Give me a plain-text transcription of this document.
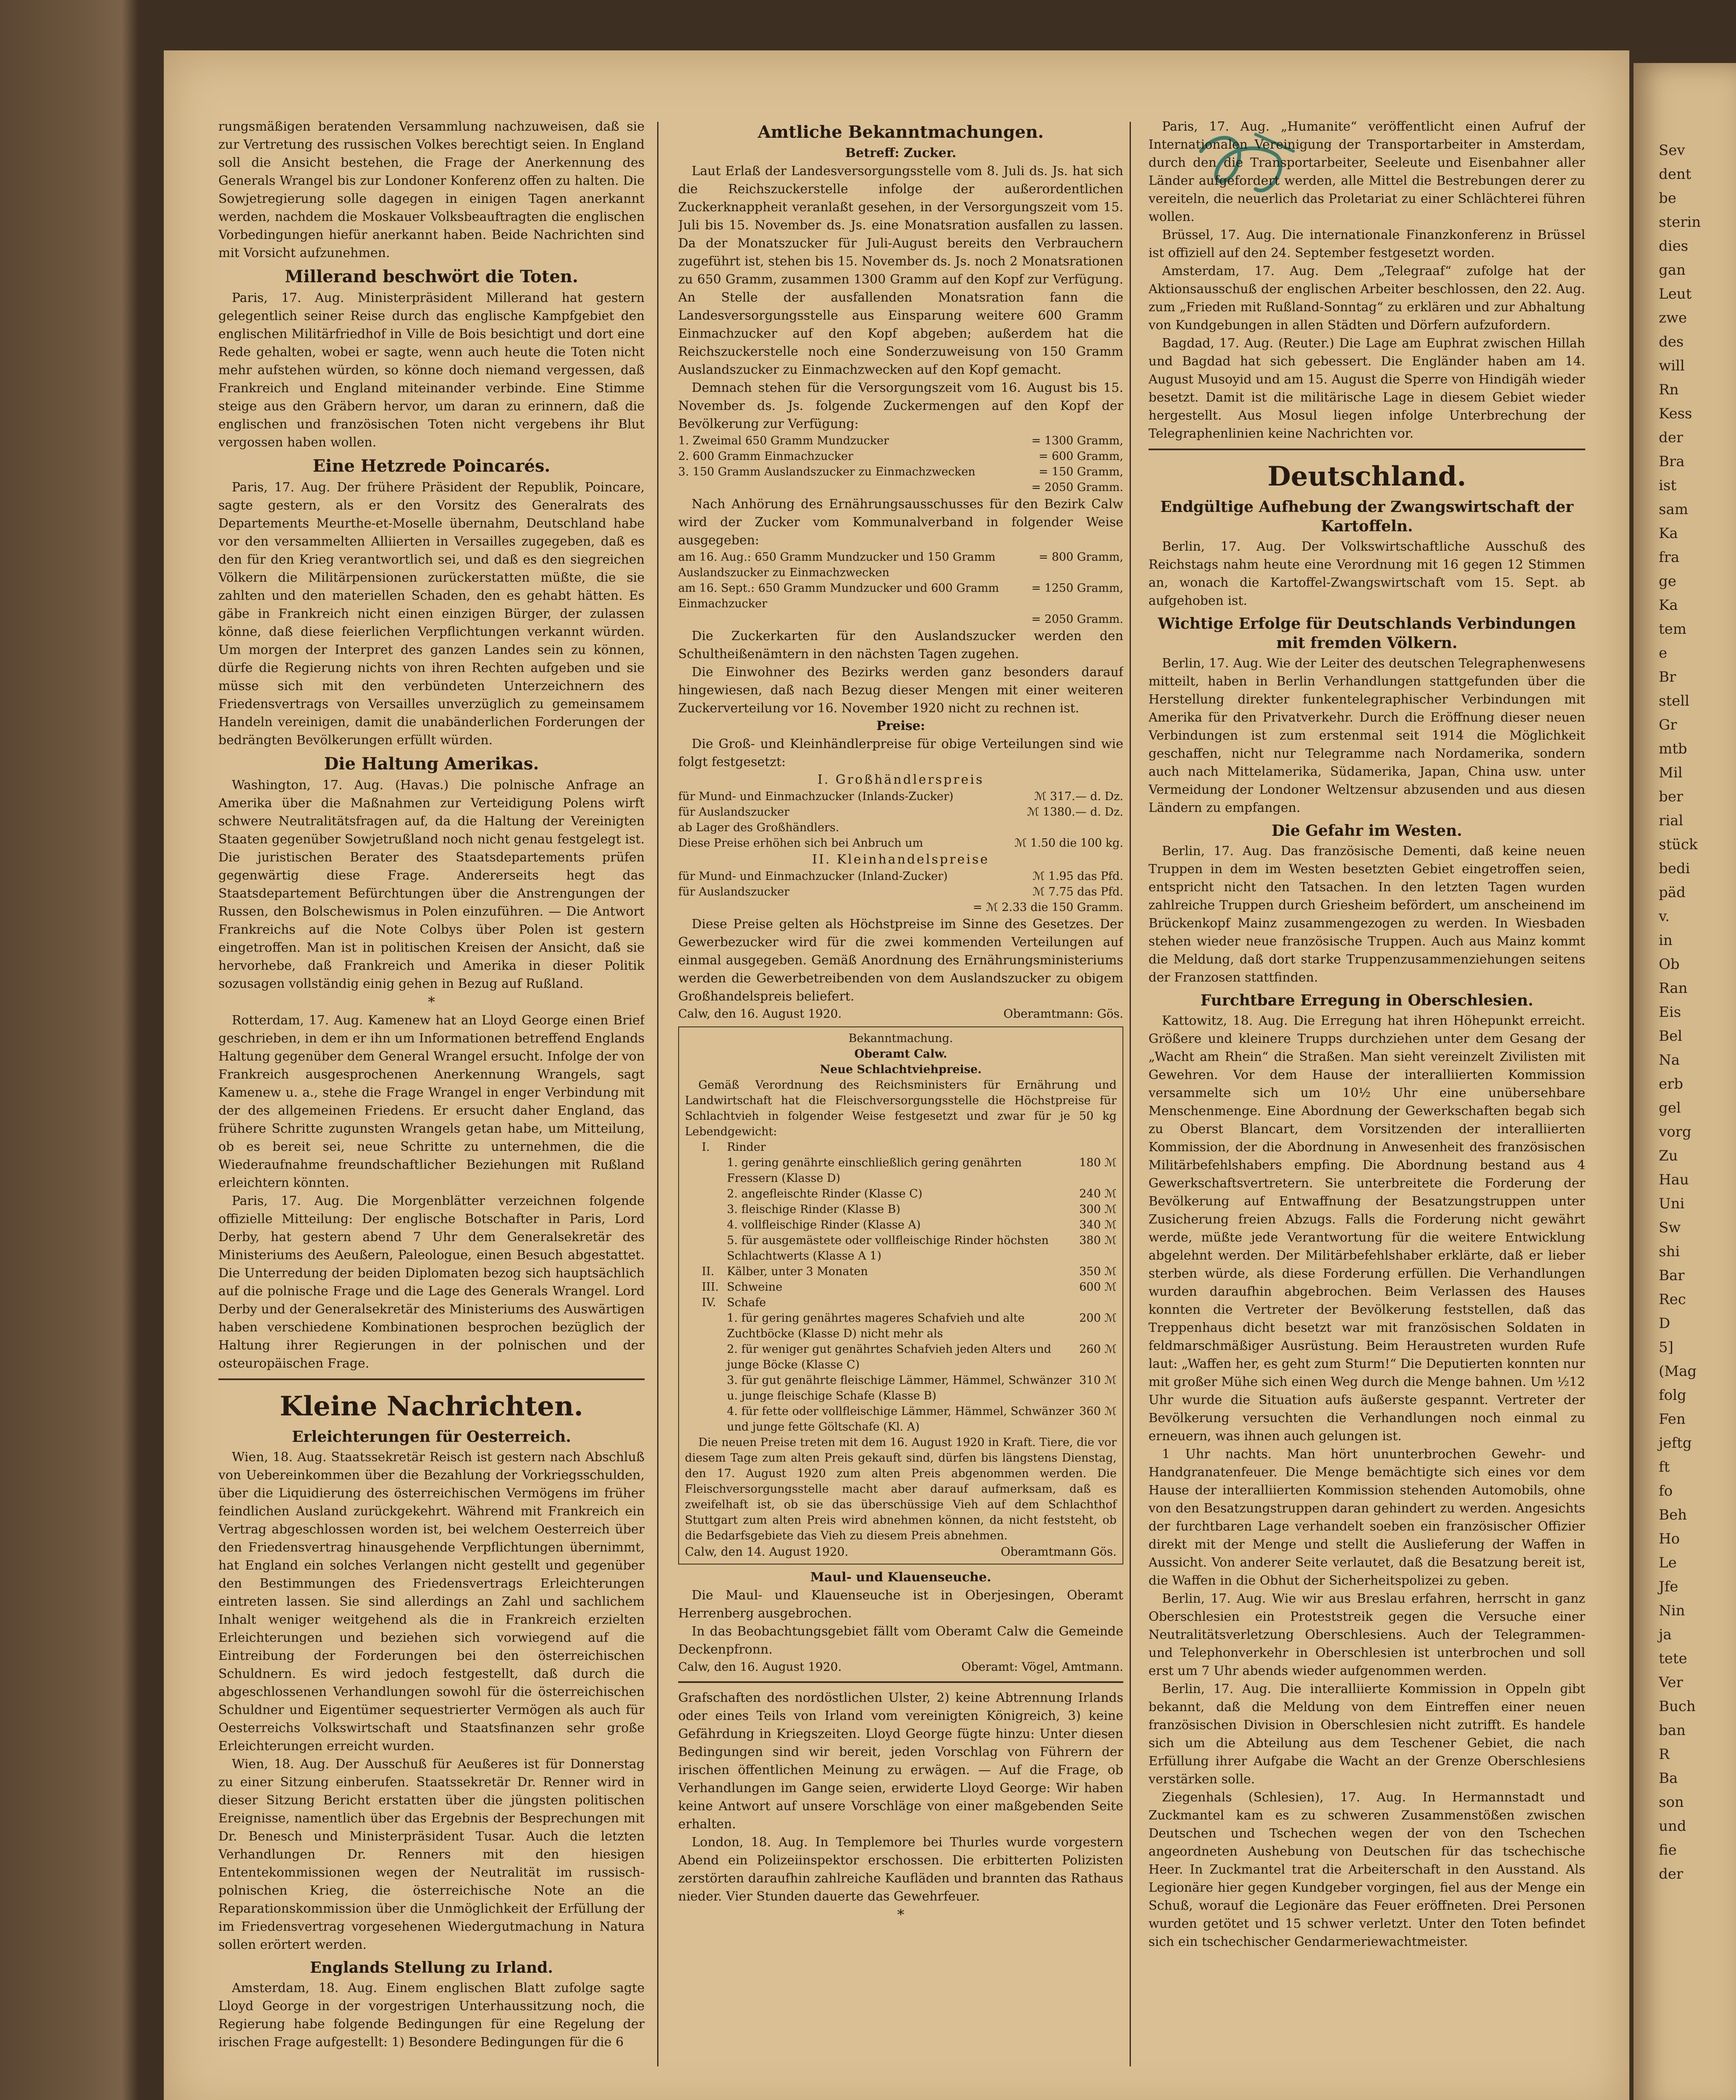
rungsmäßigen beratenden Versammlung nachzuweisen, daß sie zur Vertretung des russischen Volkes berechtigt seien. In England soll die Ansicht bestehen, die Frage der Anerkennung des Generals Wrangel bis zur Londoner Konferenz offen zu halten. Die Sowjetregierung solle dagegen in einigen Tagen anerkannt werden, nachdem die Moskauer Volksbeauftragten die englischen Vorbedingungen hiefür anerkannt haben. Beide Nachrichten sind mit Vorsicht aufzunehmen.

Millerand beschwört die Toten.

Paris, 17. Aug. Ministerpräsident Millerand hat gestern gelegentlich seiner Reise durch das englische Kampfgebiet den englischen Militärfriedhof in Ville de Bois besichtigt und dort eine Rede gehalten, wobei er sagte, wenn auch heute die Toten nicht mehr aufstehen würden, so könne doch niemand vergessen, daß Frankreich und England miteinander verbinde. Eine Stimme steige aus den Gräbern hervor, um daran zu erinnern, daß die englischen und französischen Toten nicht vergebens ihr Blut vergossen haben wollen.

Eine Hetzrede Poincarés.

Paris, 17. Aug. Der frühere Präsident der Republik, Poincare, sagte gestern, als er den Vorsitz des Generalrats des Departements Meurthe-et-Moselle übernahm, Deutschland habe vor den versammelten Alliierten in Versailles zugegeben, daß es den für den Krieg verantwortlich sei, und daß es den siegreichen Völkern die Militärpensionen zurückerstatten müßte, die sie zahlten und den materiellen Schaden, den es gehabt hätten. Es gäbe in Frankreich nicht einen einzigen Bürger, der zulassen könne, daß diese feierlichen Verpflichtungen verkannt würden. Um morgen der Interpret des ganzen Landes sein zu können, dürfe die Regierung nichts von ihren Rechten aufgeben und sie müsse sich mit den verbündeten Unterzeichnern des Friedensvertrags von Versailles unverzüglich zu gemeinsamem Handeln vereinigen, damit die unabänderlichen Forderungen der bedrängten Bevölkerungen erfüllt würden.

Die Haltung Amerikas.

Washington, 17. Aug. (Havas.) Die polnische Anfrage an Amerika über die Maßnahmen zur Verteidigung Polens wirft schwere Neutralitätsfragen auf, da die Haltung der Vereinigten Staaten gegenüber Sowjetrußland noch nicht genau festgelegt ist. Die juristischen Berater des Staatsdepartements prüfen gegenwärtig diese Frage. Andererseits hegt das Staatsdepartement Befürchtungen über die Anstrengungen der Russen, den Bolschewismus in Polen einzuführen. — Die Antwort Frankreichs auf die Note Colbys über Polen ist gestern eingetroffen. Man ist in politischen Kreisen der Ansicht, daß sie hervorhebe, daß Frankreich und Amerika in dieser Politik sozusagen vollständig einig gehen in Bezug auf Rußland.

*

Rotterdam, 17. Aug. Kamenew hat an Lloyd George einen Brief geschrieben, in dem er ihn um Informationen betreffend Englands Haltung gegenüber dem General Wrangel ersucht. Infolge der von Frankreich ausgesprochenen Anerkennung Wrangels, sagt Kamenew u. a., stehe die Frage Wrangel in enger Verbindung mit der des allgemeinen Friedens. Er ersucht daher England, das frühere Schritte zugunsten Wrangels getan habe, um Mitteilung, ob es bereit sei, neue Schritte zu unternehmen, die die Wiederaufnahme freundschaftlicher Beziehungen mit Rußland erleichtern könnten.

Paris, 17. Aug. Die Morgenblätter verzeichnen folgende offizielle Mitteilung: Der englische Botschafter in Paris, Lord Derby, hat gestern abend 7 Uhr dem Generalsekretär des Ministeriums des Aeußern, Paleologue, einen Besuch abgestattet. Die Unterredung der beiden Diplomaten bezog sich hauptsächlich auf die polnische Frage und die Lage des Generals Wrangel. Lord Derby und der Generalsekretär des Ministeriums des Auswärtigen haben verschiedene Kombinationen besprochen bezüglich der Haltung ihrer Regierungen in der polnischen und der osteuropäischen Frage.

Kleine Nachrichten.
Erleichterungen für Oesterreich.

Wien, 18. Aug. Staatssekretär Reisch ist gestern nach Abschluß von Uebereinkommen über die Bezahlung der Vorkriegsschulden, über die Liquidierung des österreichischen Vermögens im früher feindlichen Ausland zurückgekehrt. Während mit Frankreich ein Vertrag abgeschlossen worden ist, bei welchem Oesterreich über den Friedensvertrag hinausgehende Verpflichtungen übernimmt, hat England ein solches Verlangen nicht gestellt und gegenüber den Bestimmungen des Friedensvertrags Erleichterungen eintreten lassen. Sie sind allerdings an Zahl und sachlichem Inhalt weniger weitgehend als die in Frankreich erzielten Erleichterungen und beziehen sich vorwiegend auf die Eintreibung der Forderungen bei den österreichischen Schuldnern. Es wird jedoch festgestellt, daß durch die abgeschlossenen Verhandlungen sowohl für die österreichischen Schuldner und Eigentümer sequestrierter Vermögen als auch für Oesterreichs Volkswirtschaft und Staatsfinanzen sehr große Erleichterungen erreicht wurden.

Wien, 18. Aug. Der Ausschuß für Aeußeres ist für Donnerstag zu einer Sitzung einberufen. Staatssekretär Dr. Renner wird in dieser Sitzung Bericht erstatten über die jüngsten politischen Ereignisse, namentlich über das Ergebnis der Besprechungen mit Dr. Benesch und Ministerpräsident Tusar. Auch die letzten Verhandlungen Dr. Renners mit den hiesigen Ententekommissionen wegen der Neutralität im russisch-polnischen Krieg, die österreichische Note an die Reparationskommission über die Unmöglichkeit der Erfüllung der im Friedensvertrag vorgesehenen Wiedergutmachung in Natura sollen erörtert werden.

Englands Stellung zu Irland.

Amsterdam, 18. Aug. Einem englischen Blatt zufolge sagte Lloyd George in der vorgestrigen Unterhaussitzung noch, die Regierung habe folgende Bedingungen für eine Regelung der irischen Frage aufgestellt: 1) Besondere Bedingungen für die 6

Amtliche Bekanntmachungen.
Betreff: Zucker.

Laut Erlaß der Landesversorgungsstelle vom 8. Juli ds. Js. hat sich die Reichszuckerstelle infolge der außerordentlichen Zuckerknappheit veranlaßt gesehen, in der Versorgungszeit vom 15. Juli bis 15. November ds. Js. eine Monatsration ausfallen zu lassen. Da der Monatszucker für Juli-August bereits den Verbrauchern zugeführt ist, stehen bis 15. November ds. Js. noch 2 Monatsrationen zu 650 Gramm, zusammen 1300 Gramm auf den Kopf zur Verfügung. An Stelle der ausfallenden Monatsration fann die Landesversorgungsstelle aus Einsparung weitere 600 Gramm Einmachzucker auf den Kopf abgeben; außerdem hat die Reichszuckerstelle noch eine Sonderzuweisung von 150 Gramm Auslandszucker zu Einmachzwecken auf den Kopf gemacht.

Demnach stehen für die Versorgungszeit vom 16. August bis 15. November ds. Js. folgende Zuckermengen auf den Kopf der Bevölkerung zur Verfügung:

1. Zweimal 650 Gramm Mundzucker	= 1300 Gramm,
2. 600 Gramm Einmachzucker	= 600 Gramm,
3. 150 Gramm Auslandszucker zu Einmachzwecken	= 150 Gramm,
	= 2050 Gramm.

Nach Anhörung des Ernährungsausschusses für den Bezirk Calw wird der Zucker vom Kommunalverband in folgender Weise ausgegeben:

am 16. Aug.: 650 Gramm Mundzucker und 150 Gramm Auslandszucker zu Einmachzwecken	= 800 Gramm,
am 16. Sept.: 650 Gramm Mundzucker und 600 Gramm Einmachzucker	= 1250 Gramm,
	= 2050 Gramm.

Die Zuckerkarten für den Auslandszucker werden den Schultheißenämtern in den nächsten Tagen zugehen.

Die Einwohner des Bezirks werden ganz besonders darauf hingewiesen, daß nach Bezug dieser Mengen mit einer weiteren Zuckerverteilung vor 16. November 1920 nicht zu rechnen ist.

Preise:

Die Groß- und Kleinhändlerpreise für obige Verteilungen sind wie folgt festgesetzt:

I. Großhändlerspreis
für Mund- und Einmachzucker (Inlands-Zucker)	ℳ 317.— d. Dz.
für Auslandszucker	ℳ 1380.— d. Dz.
ab Lager des Großhändlers.	
Diese Preise erhöhen sich bei Anbruch um	ℳ 1.50 die 100 kg.
II. Kleinhandelspreise
für Mund- und Einmachzucker (Inland-Zucker)	ℳ 1.95 das Pfd.
für Auslandszucker	ℳ 7.75 das Pfd.
	= ℳ 2.33 die 150 Gramm.

Diese Preise gelten als Höchstpreise im Sinne des Gesetzes. Der Gewerbezucker wird für die zwei kommenden Verteilungen auf einmal ausgegeben. Gemäß Anordnung des Ernährungsministeriums werden die Gewerbetreibenden von dem Auslandszucker zu obigem Großhandelspreis beliefert.

Calw, den 16. August 1920.	Oberamtmann: Gös.
Bekanntmachung.
Oberamt Calw.
Neue Schlachtviehpreise.

Gemäß Verordnung des Reichsministers für Ernährung und Landwirtschaft hat die Fleischversorgungsstelle die Höchstpreise für Schlachtvieh in folgender Weise festgesetzt und zwar für je 50 kg Lebendgewicht:

I.	Rinder	
	1. gering genährte einschließlich gering genährten Fressern (Klasse D)	180 ℳ
	2. angefleischte Rinder (Klasse C)	240 ℳ
	3. fleischige Rinder (Klasse B)	300 ℳ
	4. vollfleischige Rinder (Klasse A)	340 ℳ
	5. für ausgemästete oder vollfleischige Rinder höchsten Schlachtwerts (Klasse A 1)	380 ℳ
II.	Kälber, unter 3 Monaten	350 ℳ
III.	Schweine	600 ℳ
IV.	Schafe	
	1. für gering genährtes mageres Schafvieh und alte Zuchtböcke (Klasse D) nicht mehr als	200 ℳ
	2. für weniger gut genährtes Schafvieh jeden Alters und junge Böcke (Klasse C)	260 ℳ
	3. für gut genährte fleischige Lämmer, Hämmel, Schwänzer u. junge fleischige Schafe (Klasse B)	310 ℳ
	4. für fette oder vollfleischige Lämmer, Hämmel, Schwänzer und junge fette Göltschafe (Kl. A)	360 ℳ

Die neuen Preise treten mit dem 16. August 1920 in Kraft. Tiere, die vor diesem Tage zum alten Preis gekauft sind, dürfen bis längstens Dienstag, den 17. August 1920 zum alten Preis abgenommen werden. Die Fleischversorgungsstelle macht aber darauf aufmerksam, daß es zweifelhaft ist, ob sie das überschüssige Vieh auf dem Schlachthof Stuttgart zum alten Preis wird abnehmen können, da nicht feststeht, ob die Bedarfsgebiete das Vieh zu diesem Preis abnehmen.

Calw, den 14. August 1920.	Oberamtmann Gös.
Maul- und Klauenseuche.

Die Maul- und Klauenseuche ist in Oberjesingen, Oberamt Herrenberg ausgebrochen.

In das Beobachtungsgebiet fällt vom Oberamt Calw die Gemeinde Deckenpfronn.

Calw, den 16. August 1920.	Oberamt: Vögel, Amtmann.

Grafschaften des nordöstlichen Ulster, 2) keine Abtrennung Irlands oder eines Teils von Irland vom vereinigten Königreich, 3) keine Gefährdung in Kriegszeiten. Lloyd George fügte hinzu: Unter diesen Bedingungen sind wir bereit, jeden Vorschlag von Führern der irischen öffentlichen Meinung zu erwägen. — Auf die Frage, ob Verhandlungen im Gange seien, erwiderte Lloyd George: Wir haben keine Antwort auf unsere Vorschläge von einer maßgebenden Seite erhalten.

London, 18. Aug. In Templemore bei Thurles wurde vorgestern Abend ein Polizeiinspektor erschossen. Die erbitterten Polizisten zerstörten daraufhin zahlreiche Kaufläden und brannten das Rathaus nieder. Vier Stunden dauerte das Gewehrfeuer.

*

Paris, 17. Aug. „Humanite“ veröffentlicht einen Aufruf der Internationalen Vereinigung der Transportarbeiter in Amsterdam, durch den die Transportarbeiter, Seeleute und Eisenbahner aller Länder aufgefordert werden, alle Mittel die Bestrebungen derer zu vereiteln, die neuerlich das Proletariat zu einer Schlächterei führen wollen.

Brüssel, 17. Aug. Die internationale Finanzkonferenz in Brüssel ist offiziell auf den 24. September festgesetzt worden.

Amsterdam, 17. Aug. Dem „Telegraaf“ zufolge hat der Aktionsausschuß der englischen Arbeiter beschlossen, den 22. Aug. zum „Frieden mit Rußland-Sonntag“ zu erklären und zur Abhaltung von Kundgebungen in allen Städten und Dörfern aufzufordern.

Bagdad, 17. Aug. (Reuter.) Die Lage am Euphrat zwischen Hillah und Bagdad hat sich gebessert. Die Engländer haben am 14. August Musoyid und am 15. August die Sperre von Hindigäh wieder besetzt. Damit ist die militärische Lage in diesem Gebiet wieder hergestellt. Aus Mosul liegen infolge Unterbrechung der Telegraphenlinien keine Nachrichten vor.

Deutschland.
Endgültige Aufhebung der Zwangswirtschaft der Kartoffeln.

Berlin, 17. Aug. Der Volkswirtschaftliche Ausschuß des Reichstags nahm heute eine Verordnung mit 16 gegen 12 Stimmen an, wonach die Kartoffel-Zwangswirtschaft vom 15. Sept. ab aufgehoben ist.

Wichtige Erfolge für Deutschlands Verbindungen mit fremden Völkern.

Berlin, 17. Aug. Wie der Leiter des deutschen Telegraphenwesens mitteilt, haben in Berlin Verhandlungen stattgefunden über die Herstellung direkter funkentelegraphischer Verbindungen mit Amerika für den Privatverkehr. Durch die Eröffnung dieser neuen Verbindungen ist zum erstenmal seit 1914 die Möglichkeit geschaffen, nicht nur Telegramme nach Nordamerika, sondern auch nach Mittelamerika, Südamerika, Japan, China usw. unter Vermeidung der Londoner Weltzensur abzusenden und aus diesen Ländern zu empfangen.

Die Gefahr im Westen.

Berlin, 17. Aug. Das französische Dementi, daß keine neuen Truppen in dem im Westen besetzten Gebiet eingetroffen seien, entspricht nicht den Tatsachen. In den letzten Tagen wurden zahlreiche Truppen durch Griesheim befördert, um anscheinend im Brückenkopf Mainz zusammengezogen zu werden. In Wiesbaden stehen wieder neue französische Truppen. Auch aus Mainz kommt die Meldung, daß dort starke Truppenzusammenziehungen seitens der Franzosen stattfinden.

Furchtbare Erregung in Oberschlesien.

Kattowitz, 18. Aug. Die Erregung hat ihren Höhepunkt erreicht. Größere und kleinere Trupps durchziehen unter dem Gesang der „Wacht am Rhein“ die Straßen. Man sieht vereinzelt Zivilisten mit Gewehren. Vor dem Hause der interalliierten Kommission versammelte sich um 10½ Uhr eine unübersehbare Menschenmenge. Eine Abordnung der Gewerkschaften begab sich zu Oberst Blancart, dem Vorsitzenden der interalliierten Kommission, der die Abordnung in Anwesenheit des französischen Militärbefehlshabers empfing. Die Abordnung bestand aus 4 Gewerkschaftsvertretern. Sie unterbreitete die Forderung der Bevölkerung auf Entwaffnung der Besatzungstruppen unter Zusicherung freien Abzugs. Falls die Forderung nicht gewährt werde, müßte jede Verantwortung für die weitere Entwicklung abgelehnt werden. Der Militärbefehlshaber erklärte, daß er lieber sterben würde, als diese Forderung erfüllen. Die Verhandlungen wurden daraufhin abgebrochen. Beim Verlassen des Hauses konnten die Vertreter der Bevölkerung feststellen, daß das Treppenhaus dicht besetzt war mit französischen Soldaten in feldmarschmäßiger Ausrüstung. Beim Heraustreten wurden Rufe laut: „Waffen her, es geht zum Sturm!“ Die Deputierten konnten nur mit großer Mühe sich einen Weg durch die Menge bahnen. Um ½12 Uhr wurde die Situation aufs äußerste gespannt. Vertreter der Bevölkerung versuchten die Verhandlungen noch einmal zu erneuern, was ihnen auch gelungen ist.

1 Uhr nachts. Man hört ununterbrochen Gewehr- und Handgranatenfeuer. Die Menge bemächtigte sich eines vor dem Hause der interalliierten Kommission stehenden Automobils, ohne von den Besatzungstruppen daran gehindert zu werden. Angesichts der furchtbaren Lage verhandelt soeben ein französischer Offizier direkt mit der Menge und stellt die Auslieferung der Waffen in Aussicht. Von anderer Seite verlautet, daß die Besatzung bereit ist, die Waffen in die Obhut der Sicherheitspolizei zu geben.

Berlin, 17. Aug. Wie wir aus Breslau erfahren, herrscht in ganz Oberschlesien ein Proteststreik gegen die Versuche einer Neutralitätsverletzung Oberschlesiens. Auch der Telegrammen- und Telephonverkehr in Oberschlesien ist unterbrochen und soll erst um 7 Uhr abends wieder aufgenommen werden.

Berlin, 17. Aug. Die interalliierte Kommission in Oppeln gibt bekannt, daß die Meldung von dem Eintreffen einer neuen französischen Division in Oberschlesien nicht zutrifft. Es handele sich um die Abteilung aus dem Teschener Gebiet, die nach Erfüllung ihrer Aufgabe die Wacht an der Grenze Oberschlesiens verstärken solle.

Ziegenhals (Schlesien), 17. Aug. In Hermannstadt und Zuckmantel kam es zu schweren Zusammenstößen zwischen Deutschen und Tschechen wegen der von den Tschechen angeordneten Aushebung von Deutschen für das tschechische Heer. In Zuckmantel trat die Arbeiterschaft in den Ausstand. Als Legionäre hier gegen Kundgeber vorgingen, fiel aus der Menge ein Schuß, worauf die Legionäre das Feuer eröffneten. Drei Personen wurden getötet und 15 schwer verletzt. Unter den Toten befindet sich ein tschechischer Gendarmeriewachtmeister.

Sev
dent
be
sterin
dies
gan
Leut
zwe
des
will
Rn
Kess
der
Bra
ist
sam
Ka
fra
ge
Ka
tem
e
Br
stell
Gr
mtb
Mil
ber
rial
stück
bedi
päd
v.
in
Ob
Ran
Eis
Bel
Na
erb
gel
vorg
Zu
Hau
Uni
Sw
shi
Bar
Rec
D
5]
(Mag
folg
Fen
jeftg
ft
fo
Beh
Ho
Le
Jfe
Nin
ja
tete
Ver
Buch
ban
R
Ba
son
und
fie
der
